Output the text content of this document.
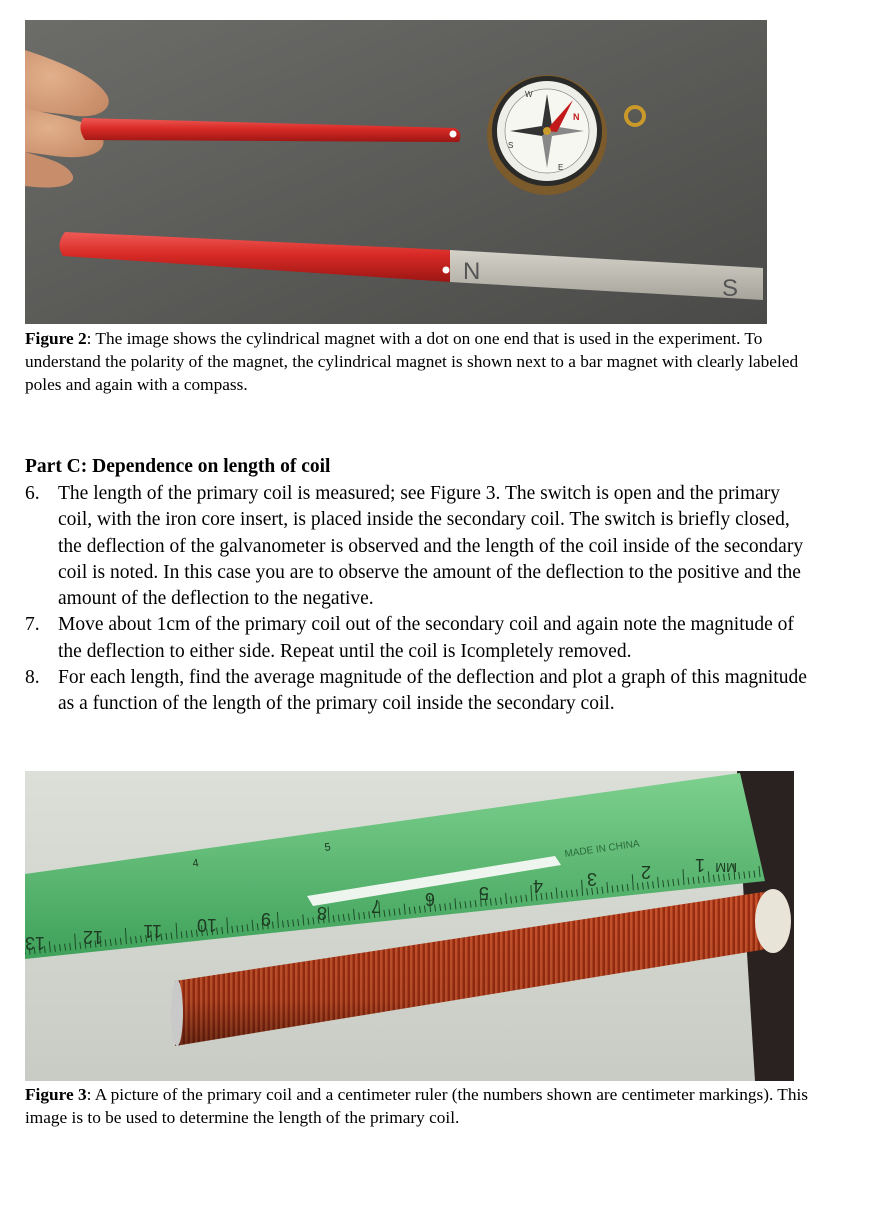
N
S
E
W
N
S
Figure 2: The image shows the cylindrical magnet with a dot on one end that is used in the experiment. To understand the polarity of the magnet, the cylindrical magnet is shown next to a bar magnet with clearly labeled poles and again with a compass.
Part C: Dependence on length of coil
6. The length of the primary coil is measured; see Figure 3. The switch is open and the primary coil, with the iron core insert, is placed inside the secondary coil. The switch is briefly closed, the deflection of the galvanometer is observed and the length of the coil inside of the secondary coil is noted. In this case you are to observe the amount of the deflection to the positive and the amount of the deflection to the negative.
7. Move about 1cm of the primary coil out of the secondary coil and again note the magnitude of the deflection to either side. Repeat until the coil is Icompletely removed.
8. For each length, find the average magnitude of the deflection and plot a graph of this magnitude as a function of the length of the primary coil inside the secondary coil.
13 12 11 10 9	8 7 6 5 4 3 2 1 MM
MADE IN CHINA
4
5
Figure 3: A picture of the primary coil and a centimeter ruler (the numbers shown are centimeter markings). This image is to be used to determine the length of the primary coil.
